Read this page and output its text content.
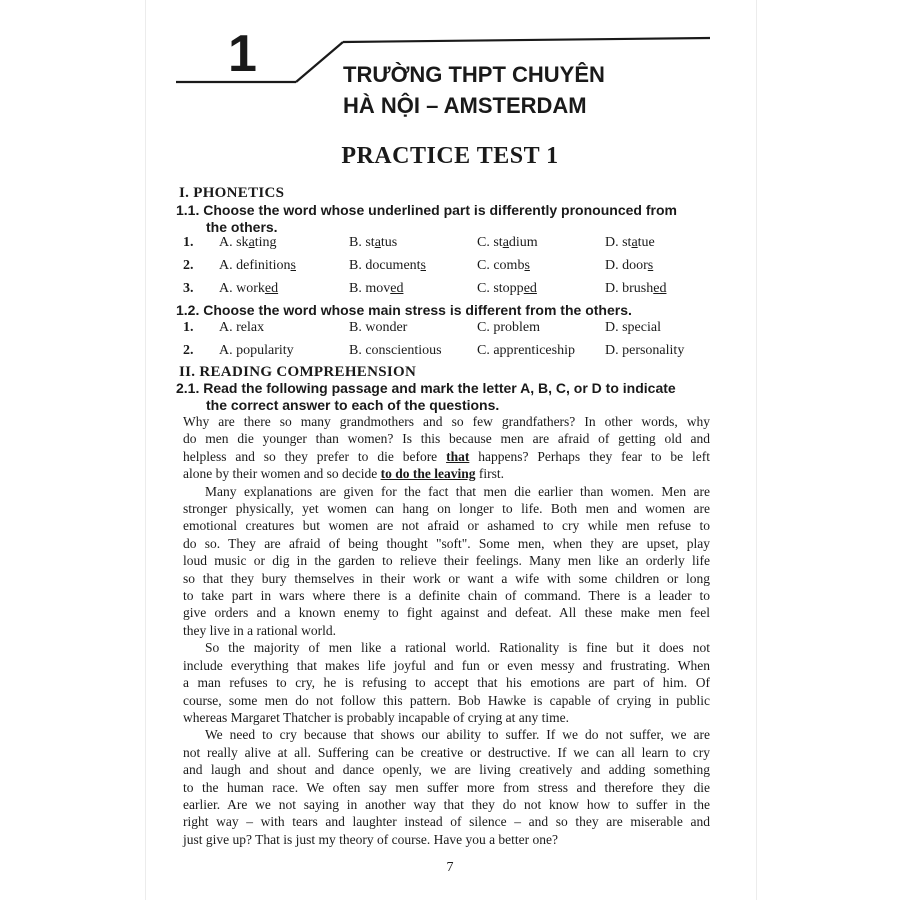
1	TRƯỜNG THPT CHUYÊN
HÀ NỘI – AMSTERDAM
PRACTICE TEST 1
I. PHONETICS
1.1. Choose the word whose underlined part is differently pronounced from
the others.
1. A. skating	B. status	C. stadium	D. statue
2. A. definitions	B. documents	C. combs	D. doors
3. A. worked	B. moved	C. stopped	D. brushed
1.2. Choose the word whose main stress is different from the others.
1. A. relax	B. wonder	C. problem	D. special
2. A. popularity	B. conscientious	C. apprenticeship D. personality
II. READING COMPREHENSION
2.1. Read the following passage and mark the letter A, B, C, or D to indicate
the correct answer to each of the questions.
Why are there so many grandmothers and so few grandfathers? In other words, why
do men die younger than women? Is this because men are afraid of getting old and
helpless and so they prefer to die before that happens? Perhaps they fear to be left
alone by their women and so decide to do the leaving first.
Many explanations are given for the fact that men die earlier than women. Men are
stronger physically, yet women can hang on longer to life. Both men and women are
emotional creatures but women are not afraid or ashamed to cry while men refuse to
do so. They are afraid of being thought "soft". Some men, when they are upset, play
loud music or dig in the garden to relieve their feelings. Many men like an orderly life
so that they bury themselves in their work or want a wife with some children or long
to take part in wars where there is a definite chain of command. There is a leader to
give orders and a known enemy to fight against and defeat. All these make men feel
they live in a rational world.
So the majority of men like a rational world. Rationality is fine but it does not
include everything that makes life joyful and fun or even messy and frustrating. When
a man refuses to cry, he is refusing to accept that his emotions are part of him. Of
course, some men do not follow this pattern. Bob Hawke is capable of crying in public
whereas Margaret Thatcher is probably incapable of crying at any time.
We need to cry because that shows our ability to suffer. If we do not suffer, we are
not really alive at all. Suffering can be creative or destructive. If we can all learn to cry
and laugh and shout and dance openly, we are living creatively and adding something
to the human race. We often say men suffer more from stress and therefore they die
earlier. Are we not saying in another way that they do not know how to suffer in the
right way – with tears and laughter instead of silence – and so they are miserable and
just give up? That is just my theory of course. Have you a better one?
7
